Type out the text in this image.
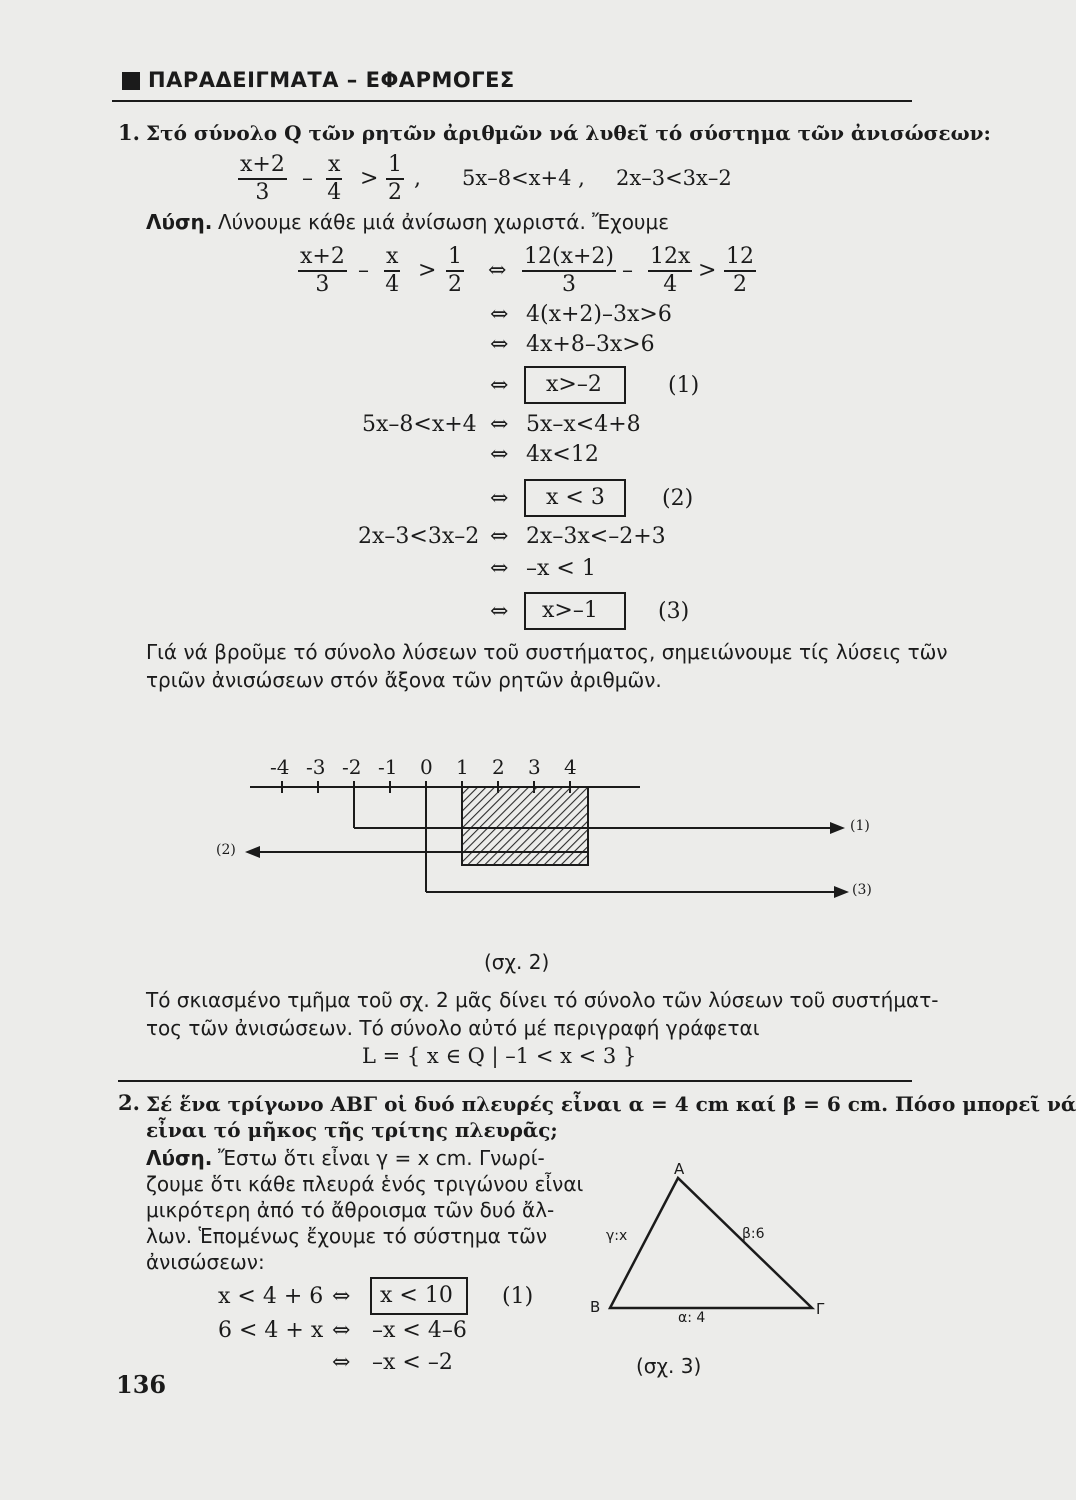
ΠΑΡΑΔΕΙΓΜΑΤΑ – ΕΦΑΡΜΟΓΕΣ
1. Στό σύνολο Q τῶν ρητῶν ἀριθμῶν νά λυθεῖ τό σύστημα τῶν ἀνισώσεων:
$\frac{x+2}{3} - \frac{x}{4} > \frac{1}{2}$ , 5x–8<x+4 , 2x–3<3x–2
Λύση. Λύνουμε κάθε μιά ἀνίσωση χωριστά. Ἔχουμε
$\frac{x+2}{3} - \frac{x}{4} > \frac{1}{2}$ ⇔ $\frac{12(x+2)}{3} - \frac{12x}{4} > \frac{12}{2}$
⇔ 4(x+2)–3x>6
⇔ 4x+8–3x>6
⇔ x>–2	(1)
5x–8<x+4 ⇔ 5x–x<4+8
⇔ 4x<12
⇔ x < 3	(2)
2x–3<3x–2 ⇔ 2x–3x<–2+3
⇔ –x < 1
⇔ x>–1	(3)
Γιά νά βροῦμε τό σύνολο λύσεων τοῦ συστήματος, σημειώνουμε τίς λύσεις τῶν
τριῶν ἀνισώσεων στόν ἄξονα τῶν ρητῶν ἀριθμῶν.
-4 -3 -2 -1 0 1 2 3 4
(1)
(2)
(3)
(σχ. 2)
Τό σκιασμένο τμῆμα τοῦ σχ. 2 μᾶς δίνει τό σύνολο τῶν λύσεων τοῦ συστήματ-
τος τῶν ἀνισώσεων. Τό σύνολο αὐτό μέ περιγραφή γράφεται
L = { x ∈ Q | –1 < x < 3 }
2. Σέ ἕνα τρίγωνο ΑΒΓ οἱ δυό πλευρές εἶναι α = 4 cm καί β = 6 cm. Πόσο μπορεῖ νά
εἶναι τό μῆκος τῆς τρίτης πλευρᾶς;
Λύση. Ἔστω ὅτι εἶναι γ = x cm. Γνωρί-
ζουμε ὅτι κάθε πλευρά ἑνός τριγώνου εἶναι
μικρότερη ἀπό τό ἄθροισμα τῶν δυό ἄλ-
λων. Ἑπομένως ἔχουμε τό σύστημα τῶν
ἀνισώσεων:
x < 4 + 6 ⇔ x < 10 (1)
6 < 4 + x ⇔ –x < 4–6
⇔ –x < –2
A
B	Γ
γ:x	β:6
α: 4
(σχ. 3)
136
